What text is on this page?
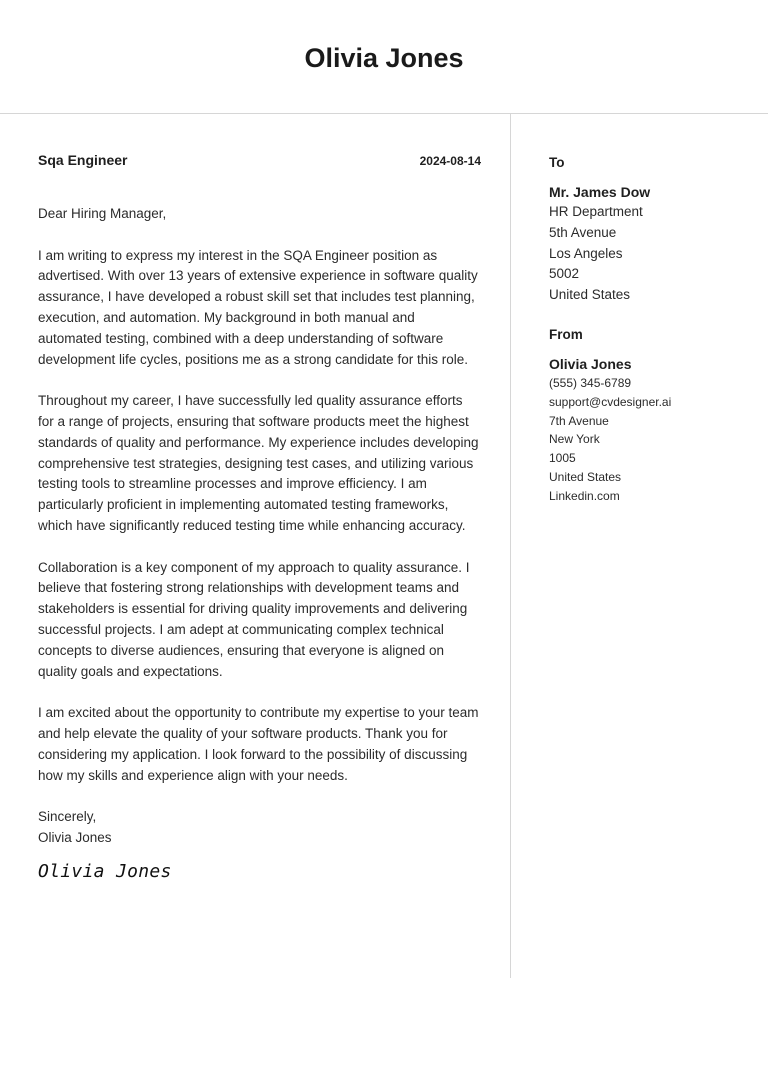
Olivia Jones
Sqa Engineer	2024-08-14
Dear Hiring Manager,
I am writing to express my interest in the SQA Engineer position as advertised. With over 13 years of extensive experience in software quality assurance, I have developed a robust skill set that includes test planning, execution, and automation. My background in both manual and automated testing, combined with a deep understanding of software development life cycles, positions me as a strong candidate for this role.
Throughout my career, I have successfully led quality assurance efforts for a range of projects, ensuring that software products meet the highest standards of quality and performance. My experience includes developing comprehensive test strategies, designing test cases, and utilizing various testing tools to streamline processes and improve efficiency. I am particularly proficient in implementing automated testing frameworks, which have significantly reduced testing time while enhancing accuracy.
Collaboration is a key component of my approach to quality assurance. I believe that fostering strong relationships with development teams and stakeholders is essential for driving quality improvements and delivering successful projects. I am adept at communicating complex technical concepts to diverse audiences, ensuring that everyone is aligned on quality goals and expectations.
I am excited about the opportunity to contribute my expertise to your team and help elevate the quality of your software products. Thank you for considering my application. I look forward to the possibility of discussing how my skills and experience align with your needs.
Sincerely,
Olivia Jones
Olivia Jones
To
Mr. James Dow
HR Department
5th Avenue
Los Angeles
5002
United States
From
Olivia Jones
(555) 345-6789
support@cvdesigner.ai
7th Avenue
New York
1005
United States
Linkedin.com
